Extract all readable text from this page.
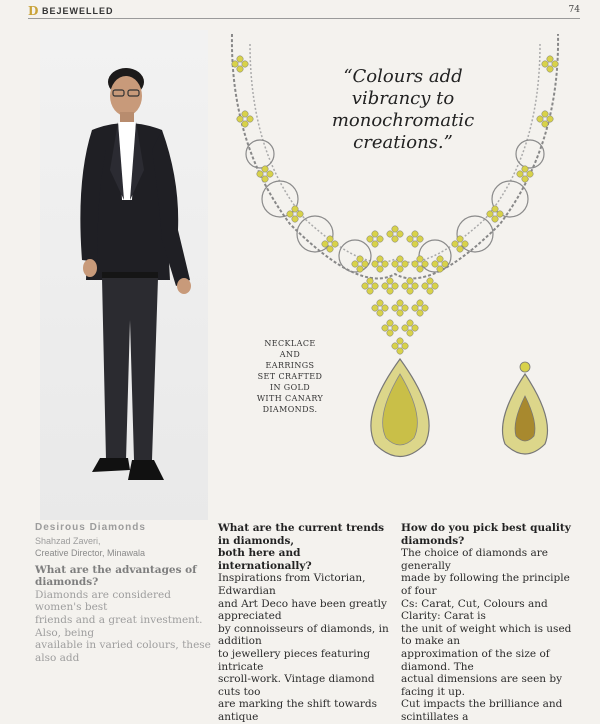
D BEJEWELLED	74
“Colours add
vibrancy to
monochromatic
creations.”
NECKLACE
AND
EARRINGS
SET CRAFTED
IN GOLD
WITH CANARY
DIAMONDS.
Desirous Diamonds
Shahzad Zaveri,
Creative Director, Minawala
What are the advantages of diamonds?

Diamonds are considered women's best

friends and a great investment. Also, being

available in varied colours, these also add

What are the current trends in diamonds,
both here and internationally?

Inspirations from Victorian, Edwardian

and Art Deco have been greatly appreciated

by connoisseurs of diamonds, in addition

to jewellery pieces featuring intricate

scroll-work. Vintage diamond cuts too

are marking the shift towards antique

How do you pick best quality diamonds?

The choice of diamonds are generally

made by following the principle of four

Cs: Carat, Cut, Colours and Clarity: Carat is

the unit of weight which is used to make an

approximation of the size of diamond. The

actual dimensions are seen by facing it up.

Cut impacts the brilliance and scintillates a
